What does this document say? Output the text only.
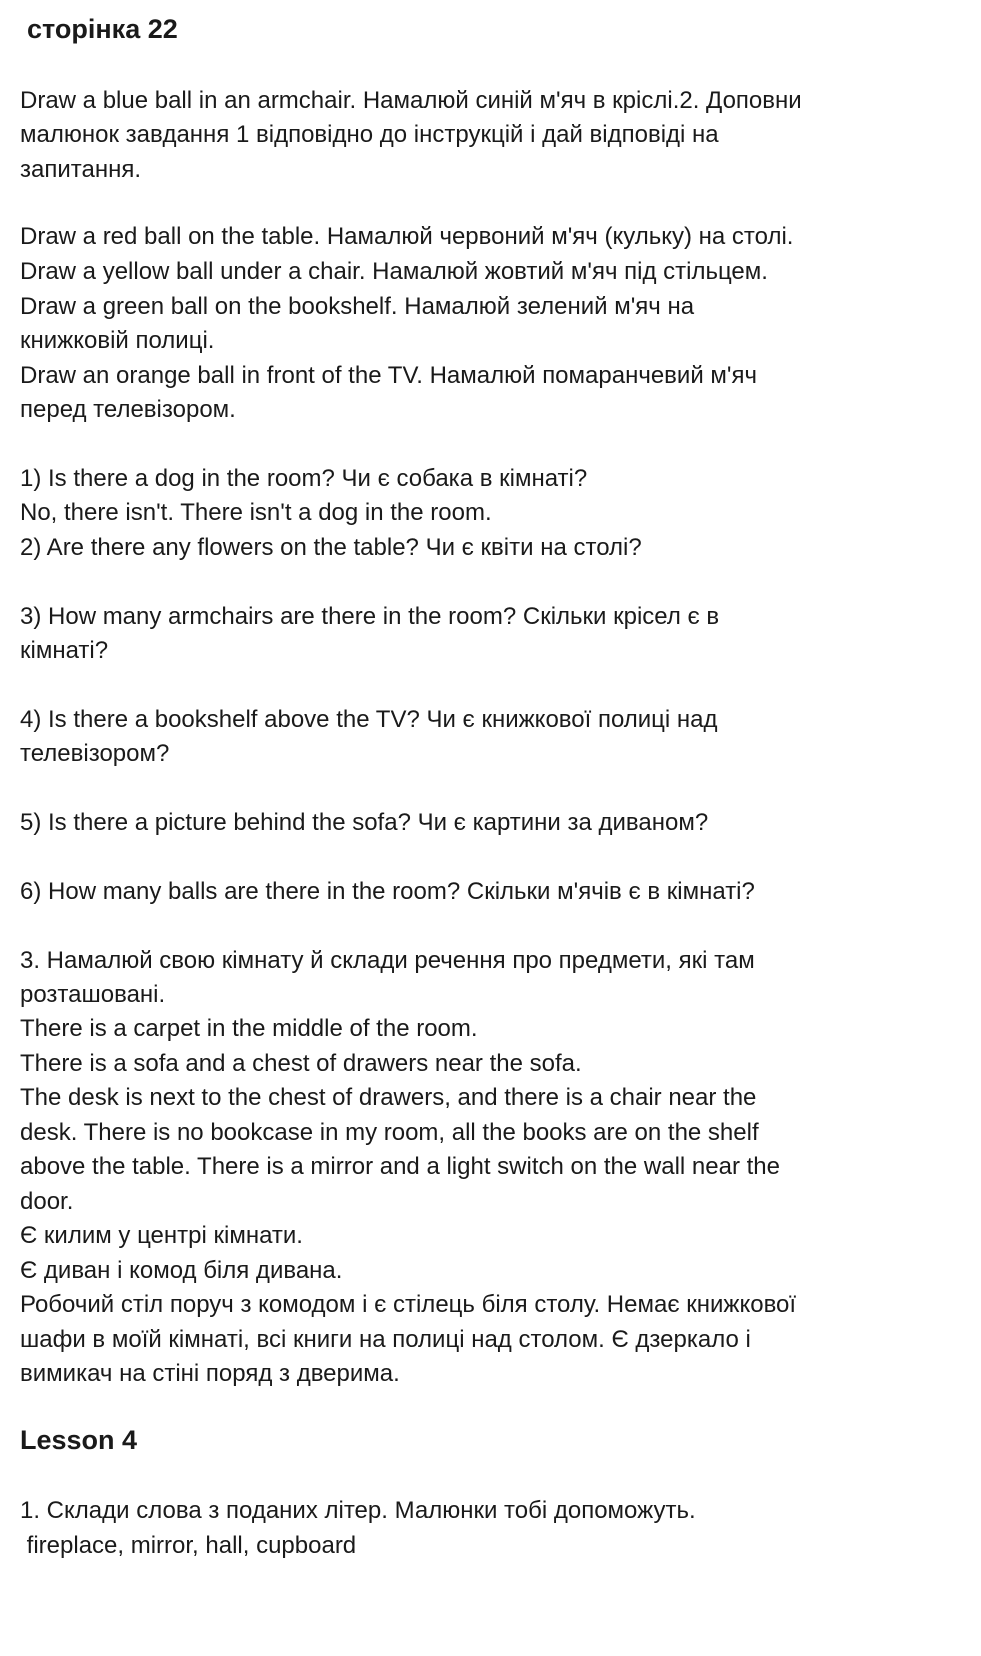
сторінка 22
Draw a blue ball in an armchair. Намалюй синій м'яч в кріслі.2. Доповни
малюнок завдання 1 відповідно до інструкцій і дай відповіді на
запитання.
Draw a red ball on the table. Намалюй червоний м'яч (кульку) на столі.
Draw a yellow ball under a chair. Намалюй жовтий м'яч під стільцем.
Draw a green ball on the bookshelf. Намалюй зелений м'яч на
книжковій полиці.
Draw an orange ball in front of the TV. Намалюй помаранчевий м'яч
перед телевізором.
1) Is there a dog in the room? Чи є собака в кімнаті?
No, there isn't. There isn't a dog in the room.
2) Are there any flowers on the table? Чи є квіти на столі?
3) How many armchairs are there in the room? Скільки крісел є в
кімнаті?
4) Is there a bookshelf above the TV? Чи є книжкової полиці над
телевізором?
5) Is there a picture behind the sofa? Чи є картини за диваном?
6) How many balls are there in the room? Скільки м'ячів є в кімнаті?
3. Намалюй свою кімнату й склади речення про предмети, які там
розташовані.
There is a carpet in the middle of the room.
There is a sofa and a chest of drawers near the sofa.
The desk is next to the chest of drawers, and there is a chair near the
desk. There is no bookcase in my room, all the books are on the shelf
above the table. There is a mirror and a light switch on the wall near the
door.
Є килим у центрі кімнати.
Є диван і комод біля дивана.
Робочий стіл поруч з комодом і є стілець біля столу. Немає книжкової
шафи в моїй кімнаті, всі книги на полиці над столом. Є дзеркало і
вимикач на стіні поряд з дверима.
Lesson 4
1. Склади слова з поданих літер. Малюнки тобі допоможуть.
fireplace, mirror, hall, cupboard
